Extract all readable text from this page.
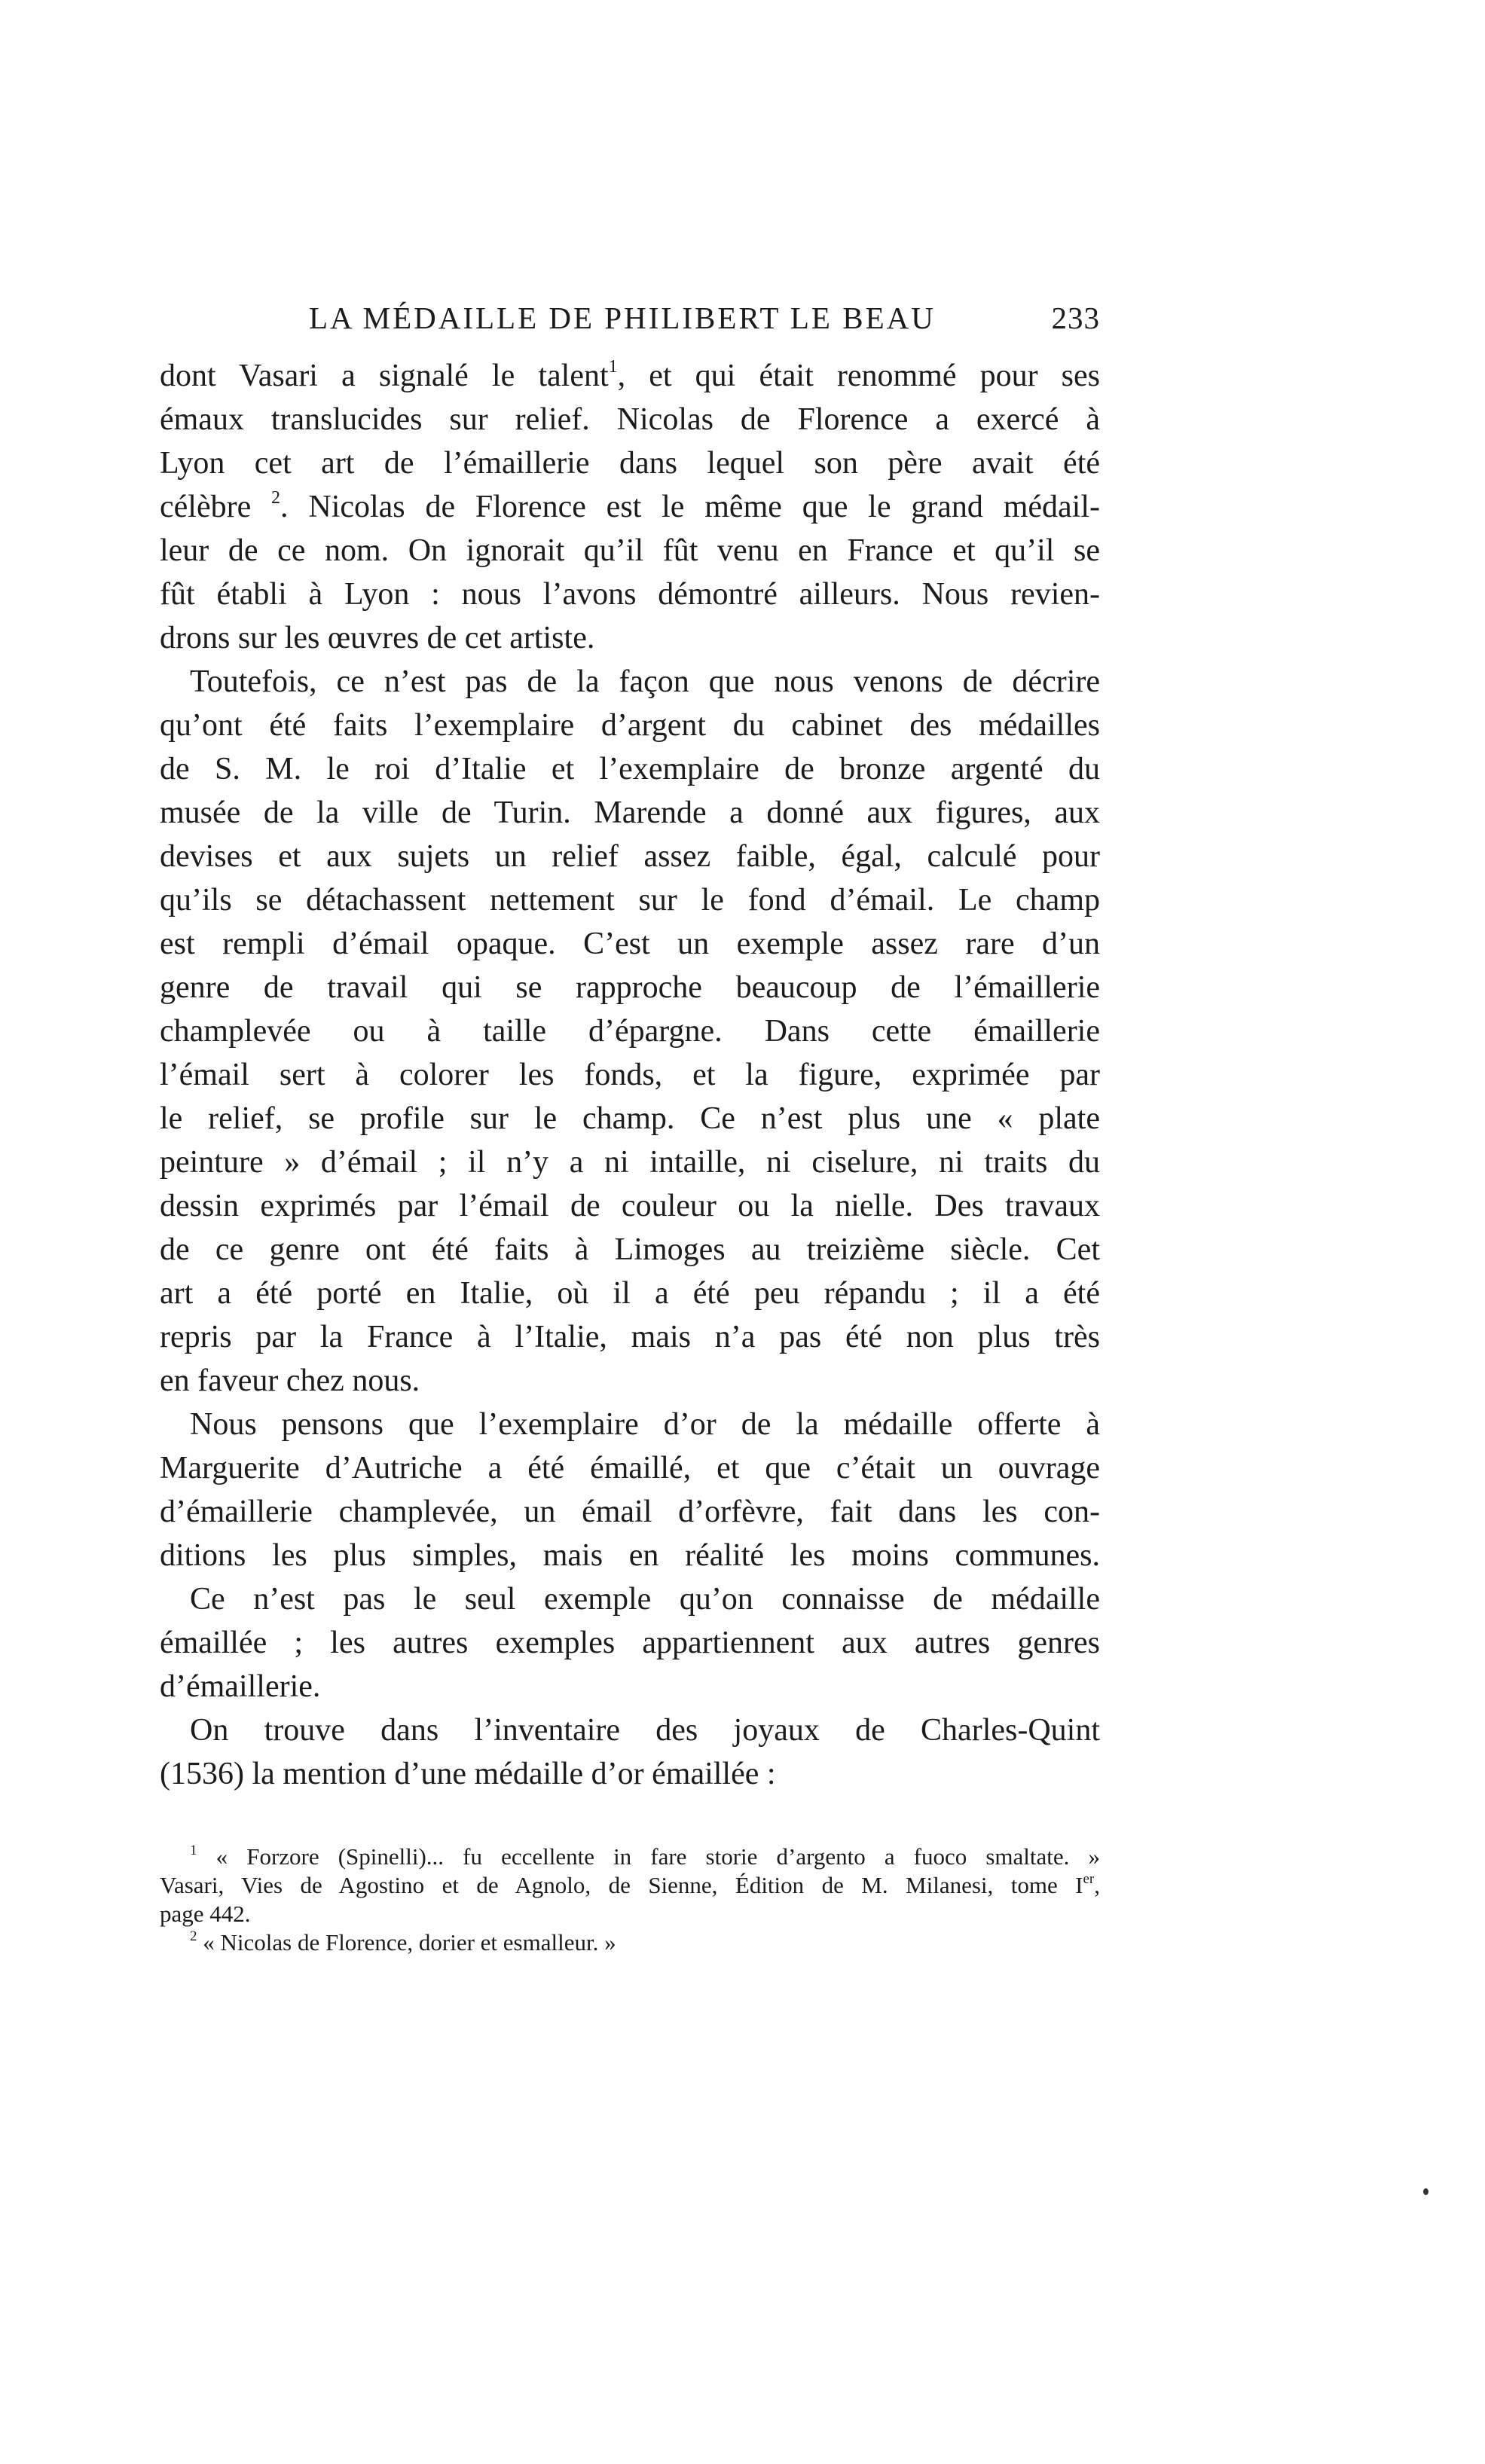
LA MÉDAILLE DE PHILIBERT LE BEAU	233
dont Vasari a signalé le talent$^1$, et qui était renommé pour ses
émaux translucides sur relief. Nicolas de Florence a exercé à
Lyon cet art de l’émaillerie dans lequel son père avait été
célèbre $^2$. Nicolas de Florence est le même que le grand médail-
leur de ce nom. On ignorait qu’il fût venu en France et qu’il se
fût établi à Lyon : nous l’avons démontré ailleurs. Nous revien-
drons sur les œuvres de cet artiste.
Toutefois, ce n’est pas de la façon que nous venons de décrire
qu’ont été faits l’exemplaire d’argent du cabinet des médailles
de S. M. le roi d’Italie et l’exemplaire de bronze argenté du
musée de la ville de Turin. Marende a donné aux figures, aux
devises et aux sujets un relief assez faible, égal, calculé pour
qu’ils se détachassent nettement sur le fond d’émail. Le champ
est rempli d’émail opaque. C’est un exemple assez rare d’un
genre de travail qui se rapproche beaucoup de l’émaillerie
champlevée ou à taille d’épargne. Dans cette émaillerie
l’émail sert à colorer les fonds, et la figure, exprimée par
le relief, se profile sur le champ. Ce n’est plus une « plate
peinture » d’émail ; il n’y a ni intaille, ni ciselure, ni traits du
dessin exprimés par l’émail de couleur ou la nielle. Des travaux
de ce genre ont été faits à Limoges au treizième siècle. Cet
art a été porté en Italie, où il a été peu répandu ; il a été
repris par la France à l’Italie, mais n’a pas été non plus très
en faveur chez nous.
Nous pensons que l’exemplaire d’or de la médaille offerte à
Marguerite d’Autriche a été émaillé, et que c’était un ouvrage
d’émaillerie champlevée, un émail d’orfèvre, fait dans les con-
ditions les plus simples, mais en réalité les moins communes.
Ce n’est pas le seul exemple qu’on connaisse de médaille
émaillée ; les autres exemples appartiennent aux autres genres
d’émaillerie.
On trouve dans l’inventaire des joyaux de Charles-Quint
(1536) la mention d’une médaille d’or émaillée :
$^1$ « Forzore (Spinelli)... fu eccellente in fare storie d’argento a fuoco smaltate. »
Vasari, Vies de Agostino et de Agnolo, de Sienne, Édition de M. Milanesi, tome Ier,
page 442.
$^2$ « Nicolas de Florence, dorier et esmalleur. »
